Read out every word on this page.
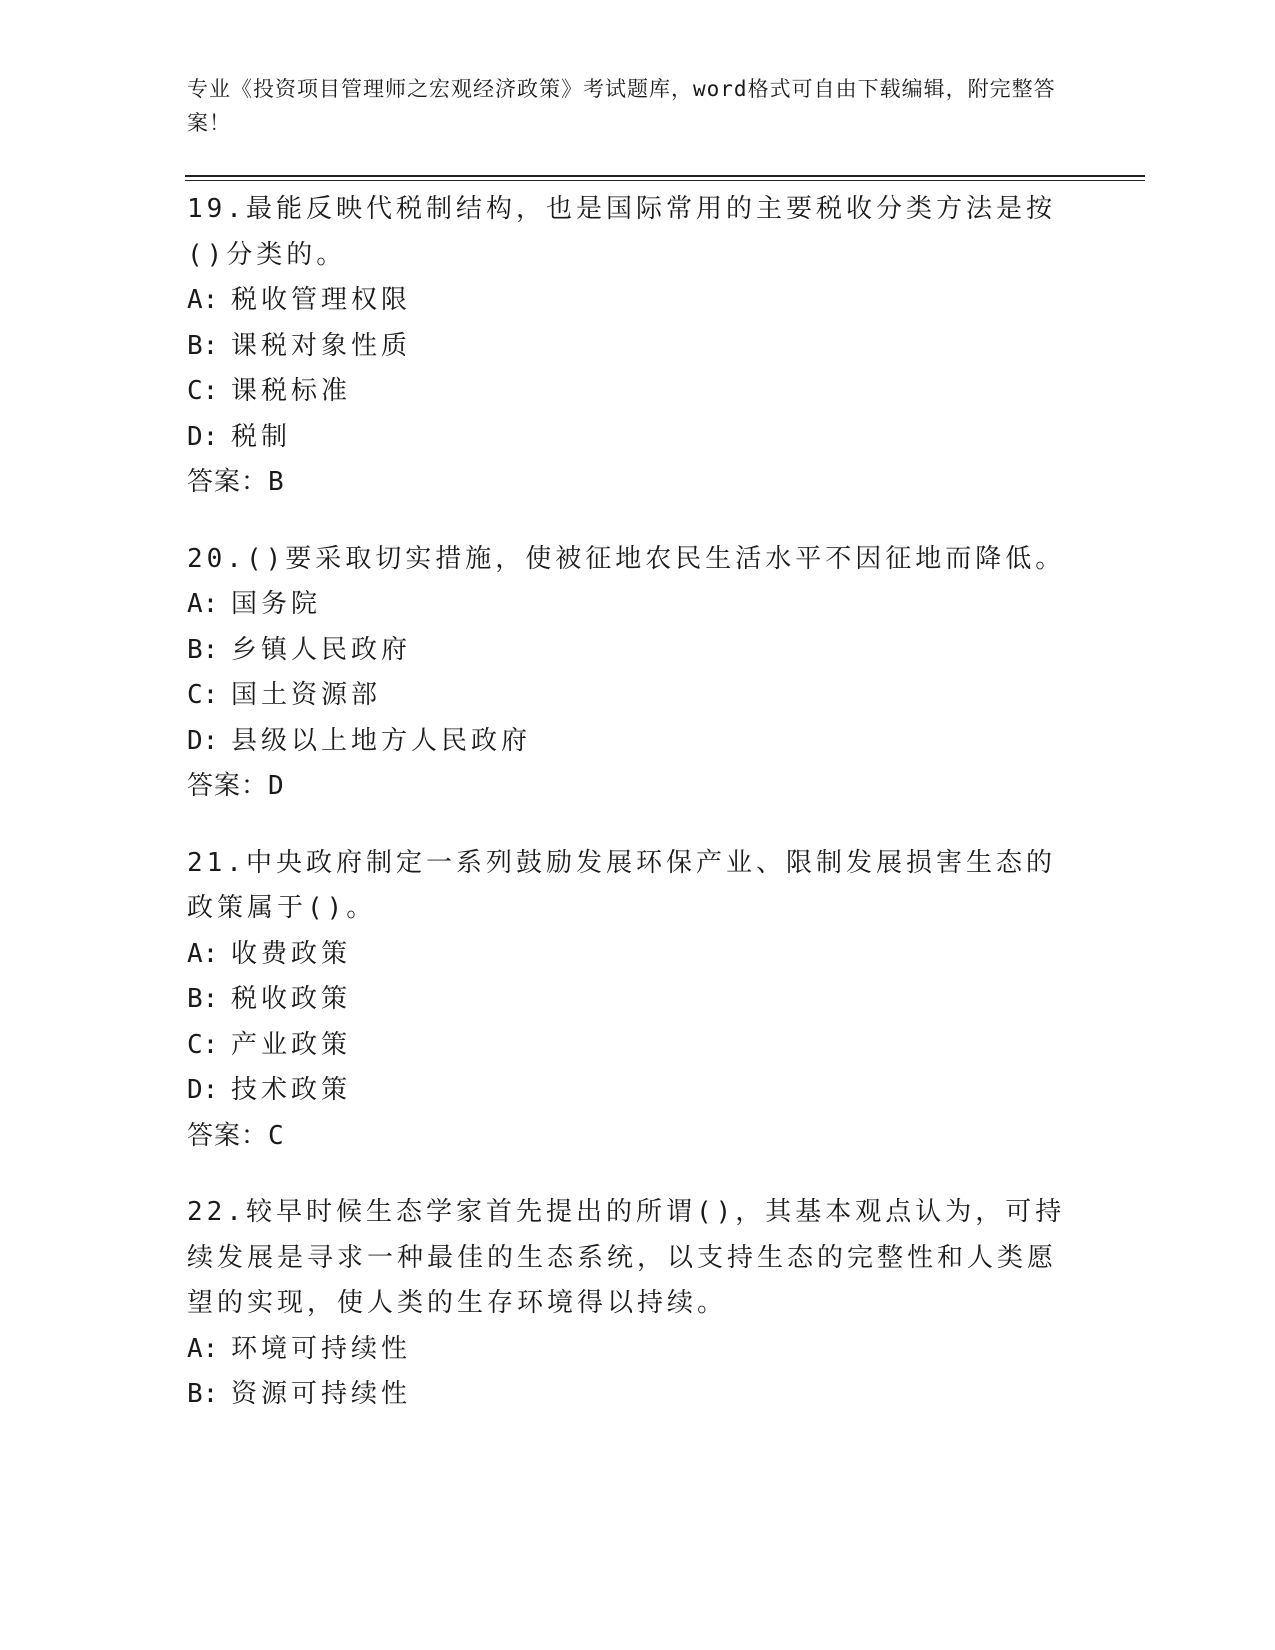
专业《投资项目管理师之宏观经济政策》考试题库，word格式可自由下载编辑，附完整答案！

19.最能反映代税制结构，也是国际常用的主要税收分类方法是按()分类的。

A: 税收管理权限

B: 课税对象性质

C: 课税标准

D: 税制

答案：B

20.()要采取切实措施，使被征地农民生活水平不因征地而降低。

A: 国务院

B: 乡镇人民政府

C: 国土资源部

D: 县级以上地方人民政府

答案：D

21.中央政府制定一系列鼓励发展环保产业、限制发展损害生态的政策属于()。

A: 收费政策

B: 税收政策

C: 产业政策

D: 技术政策

答案：C

22.较早时候生态学家首先提出的所谓()，其基本观点认为，可持续发展是寻求一种最佳的生态系统，以支持生态的完整性和人类愿望的实现，使人类的生存环境得以持续。

A: 环境可持续性

B: 资源可持续性
